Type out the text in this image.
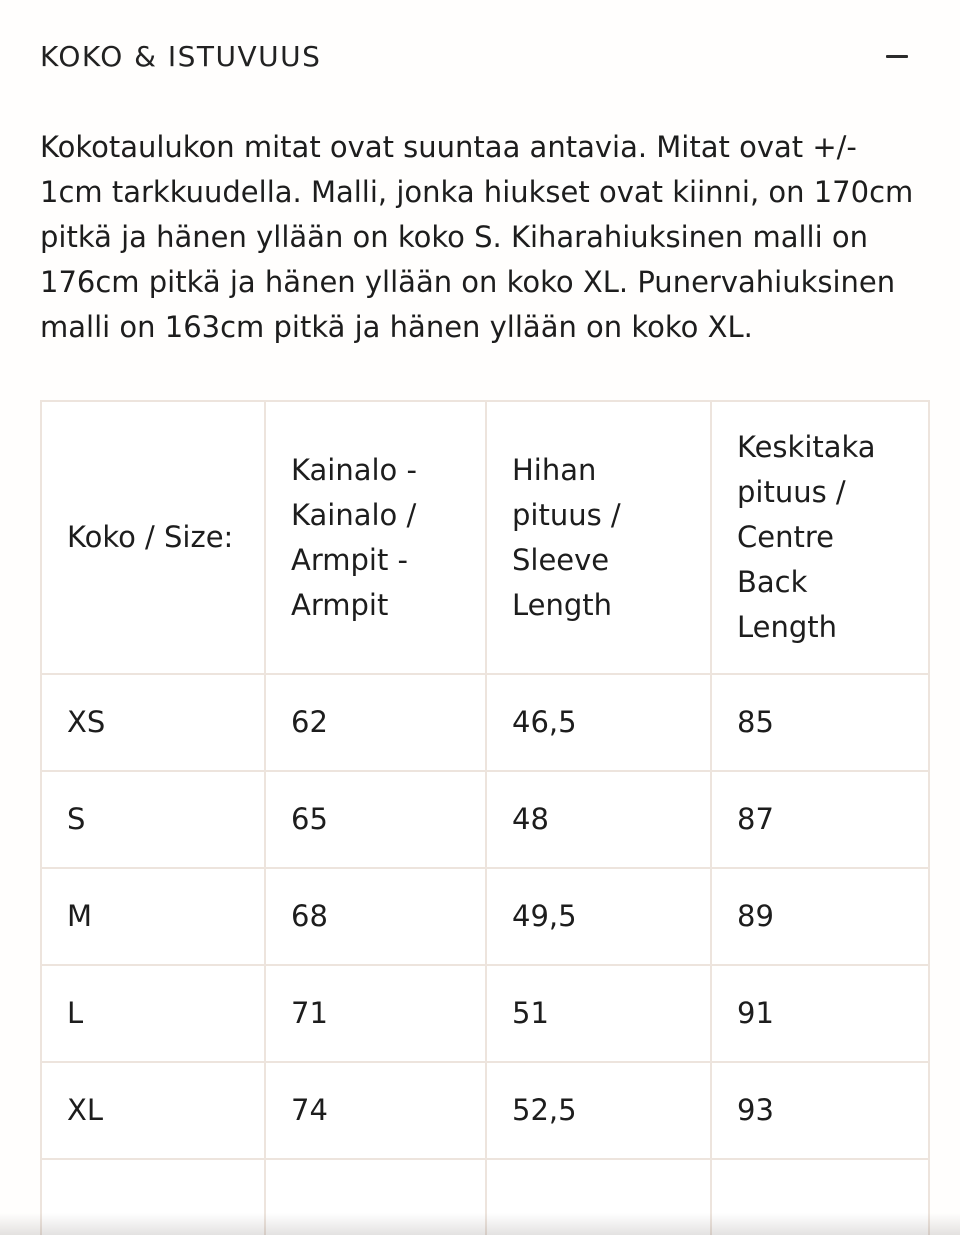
KOKO & ISTUVUUS

Kokotaulukon mitat ovat suuntaa antavia. Mitat ovat +/- 1cm tarkkuudella. Malli, jonka hiukset ovat kiinni, on 170cm pitkä ja hänen yllään on koko S. Kiharahiuksinen malli on 176cm pitkä ja hänen yllään on koko XL. Punervahiuksinen malli on 163cm pitkä ja hänen yllään on koko XL.

Koko / Size:	Kainalo - Kainalo / Armpit - Armpit	Hihan pituus / Sleeve Length	Keskitaka pituus / Centre Back Length
XS	62	46,5	85
S	65	48	87
M	68	49,5	89
L	71	51	91
XL	74	52,5	93
